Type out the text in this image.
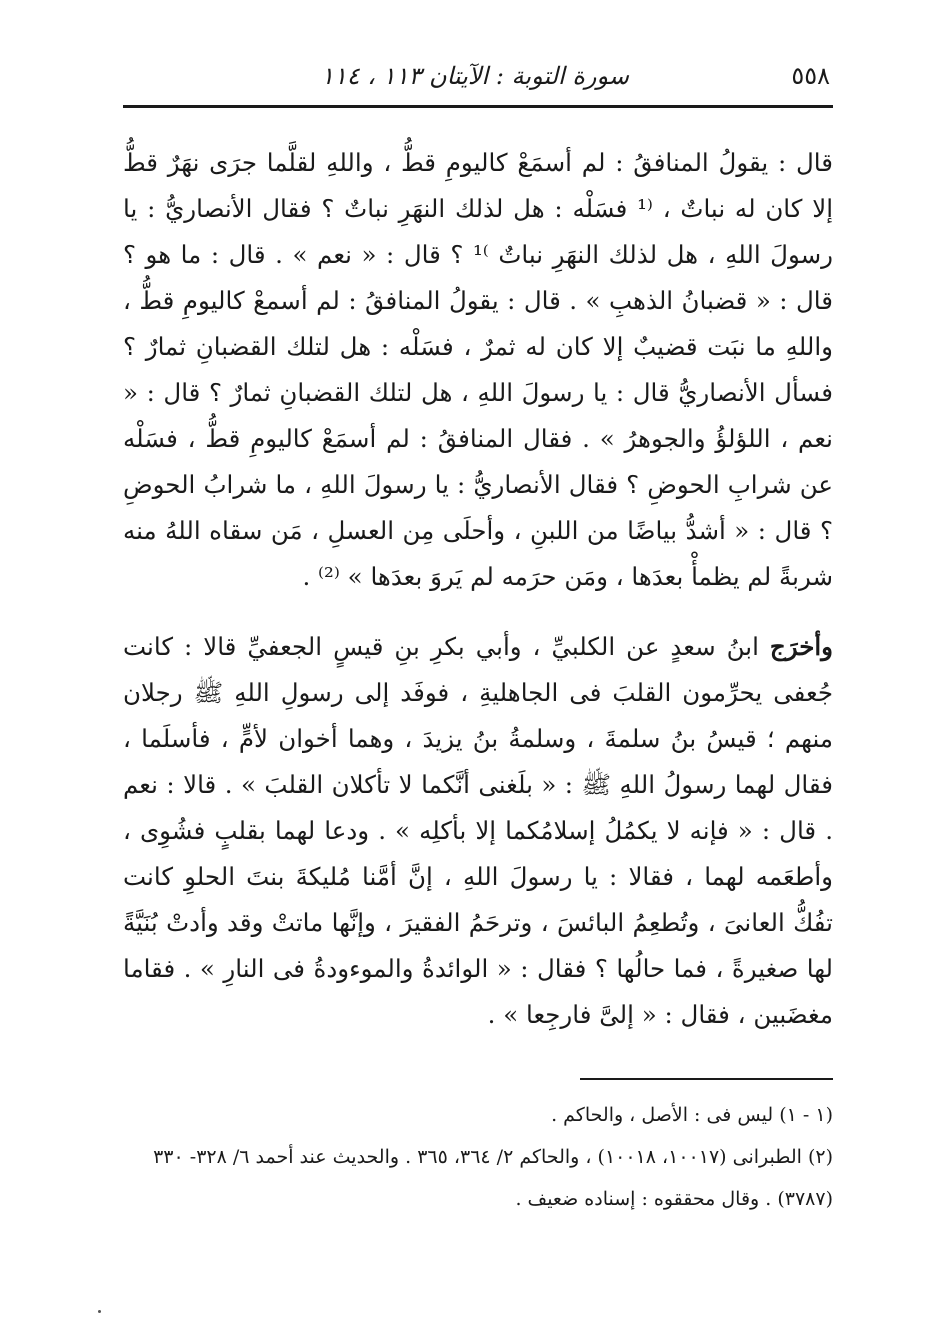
٥٥٨
سورة التوبة : الآيتان ١١٣ ، ١١٤

قال : يقولُ المنافقُ : لم أسمَعْ كاليومِ قطُّ ، واللهِ لقلَّما جرَى نهَرٌ قطُّ إلا كان له نباتٌ ، ⁽¹ فسَلْه : هل لذلك النهَرِ نباتٌ ؟ فقال الأنصاريُّ : يا رسولَ اللهِ ، هل لذلك النهَرِ نباتٌ ⁾¹ ؟ قال : « نعم » . قال : ما هو ؟ قال : « قضبانُ الذهبِ » . قال : يقولُ المنافقُ : لم أسمعْ كاليومِ قطُّ ، واللهِ ما نبَت قضيبٌ إلا كان له ثمرٌ ، فسَلْه : هل لتلك القضبانِ ثمارٌ ؟ فسأل الأنصاريُّ قال : يا رسولَ اللهِ ، هل لتلك القضبانِ ثمارٌ ؟ قال : « نعم ، اللؤلؤُ والجوهرُ » . فقال المنافقُ : لم أسمَعْ كاليومِ قطُّ ، فسَلْه عن شرابِ الحوضِ ؟ فقال الأنصاريُّ : يا رسولَ اللهِ ، ما شرابُ الحوضِ ؟ قال : « أشدُّ بياضًا من اللبنِ ، وأحلَى مِن العسلِ ، مَن سقاه اللهُ منه شربةً لم يظمأْ بعدَها ، ومَن حرَمه لم يَروَ بعدَها » ⁽²⁾ .

وأخرَج ابنُ سعدٍ عن الكلبيِّ ، وأبي بكرِ بنِ قيسٍ الجعفيِّ قالا : كانت جُعفى يحرِّمون القلبَ فى الجاهليةِ ، فوفَد إلى رسولِ اللهِ ﷺ رجلان منهم ؛ قيسُ بنُ سلمةَ ، وسلمةُ بنُ يزيدَ ، وهما أخوان لأمٍّ ، فأسلَما ، فقال لهما رسولُ اللهِ ﷺ : « بلَغنى أنَّكما لا تأكلان القلبَ » . قالا : نعم . قال : « فإنه لا يكمُلُ إسلامُكما إلا بأكلِه » . ودعا لهما بقلبٍ فشُوِى ، وأطعَمه لهما ، فقالا : يا رسولَ اللهِ ، إنَّ أمَّنا مُليكةَ بنتَ الحلوِ كانت تفُكُّ العانىَ ، وتُطعِمُ البائسَ ، وترحَمُ الفقيرَ ، وإنَّها ماتتْ وقد وأدتْ بُنَيَّةً لها صغيرةً ، فما حالُها ؟ فقال : « الوائدةُ والموءودةُ فى النارِ » . فقاما مغضَبين ، فقال : « إلىَّ فارجِعا » .

(١ - ١) ليس فى : الأصل ، والحاكم .

(٢) الطبرانى (١٠٠١٧، ١٠٠١٨) ، والحاكم ٢/ ٣٦٤، ٣٦٥ . والحديث عند أحمد ٦/ ٣٢٨- ٣٣٠ (٣٧٨٧) . وقال محققوه : إسناده ضعيف .
